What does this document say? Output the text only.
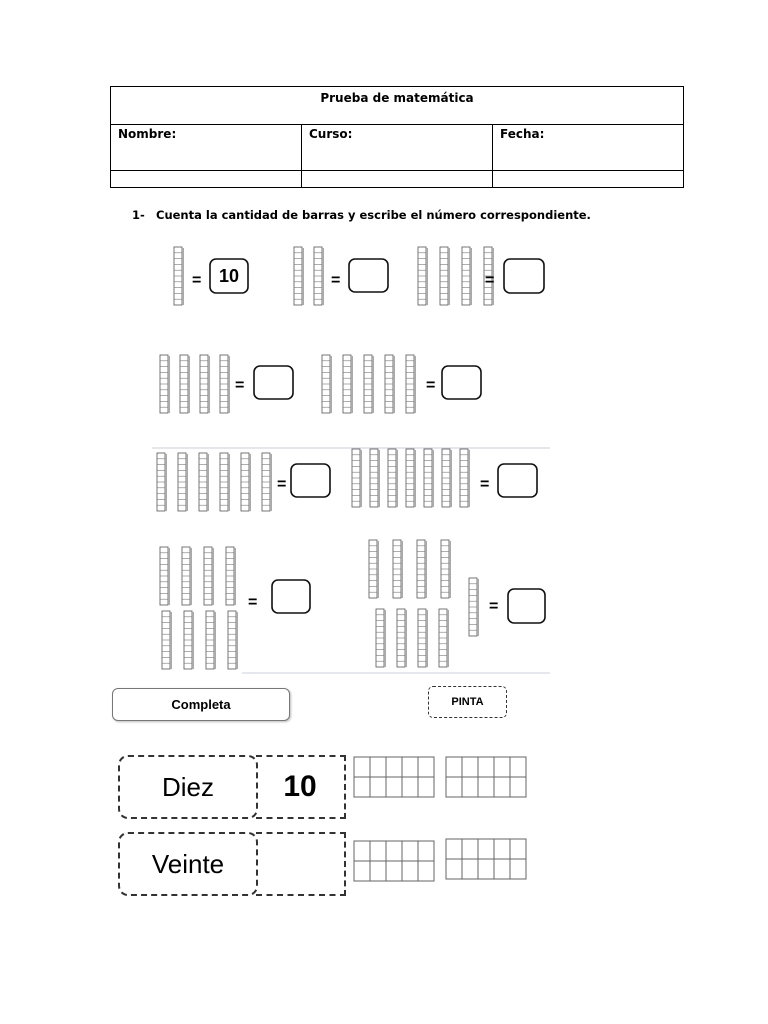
Prueba de matemática		
Nombre:	Curso:	Fecha:

1- Cuenta la cantidad de barras y escribe el número correspondiente.
= 10	=	=
=	=
=	=
=	=
Completa	PINTA
Diez	10
Veinte
